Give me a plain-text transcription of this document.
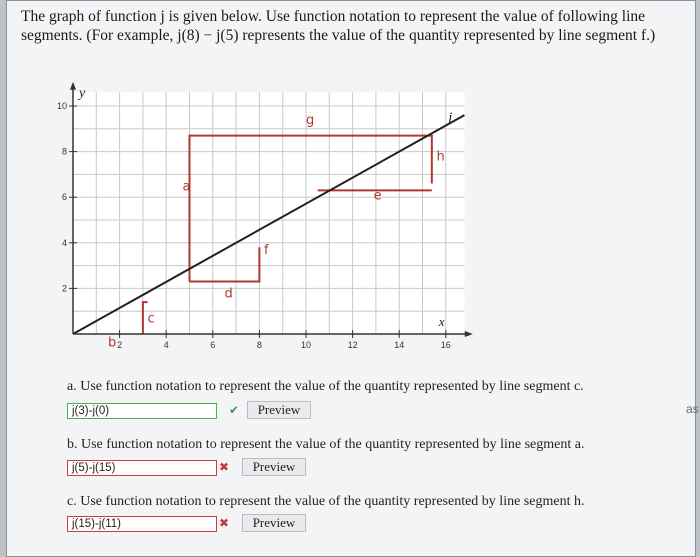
The graph of function j is given below. Use function notation to represent the value of following line segments. (For example, j(8) − j(5) represents the value of the quantity represented by line segment f.)
2
4
6
8
10
2	4	6	8	10	12	14	16
y
x
j
b
c
a
d
f
g
e
h
a. Use function notation to represent the value of the quantity represented by line segment c.
j(3)-j(0)	✔	Preview
b. Use function notation to represent the value of the quantity represented by line segment a.
j(5)-j(15)	✖	Preview
c. Use function notation to represent the value of the quantity represented by line segment h.
j(15)-j(11)	✖	Preview
as
